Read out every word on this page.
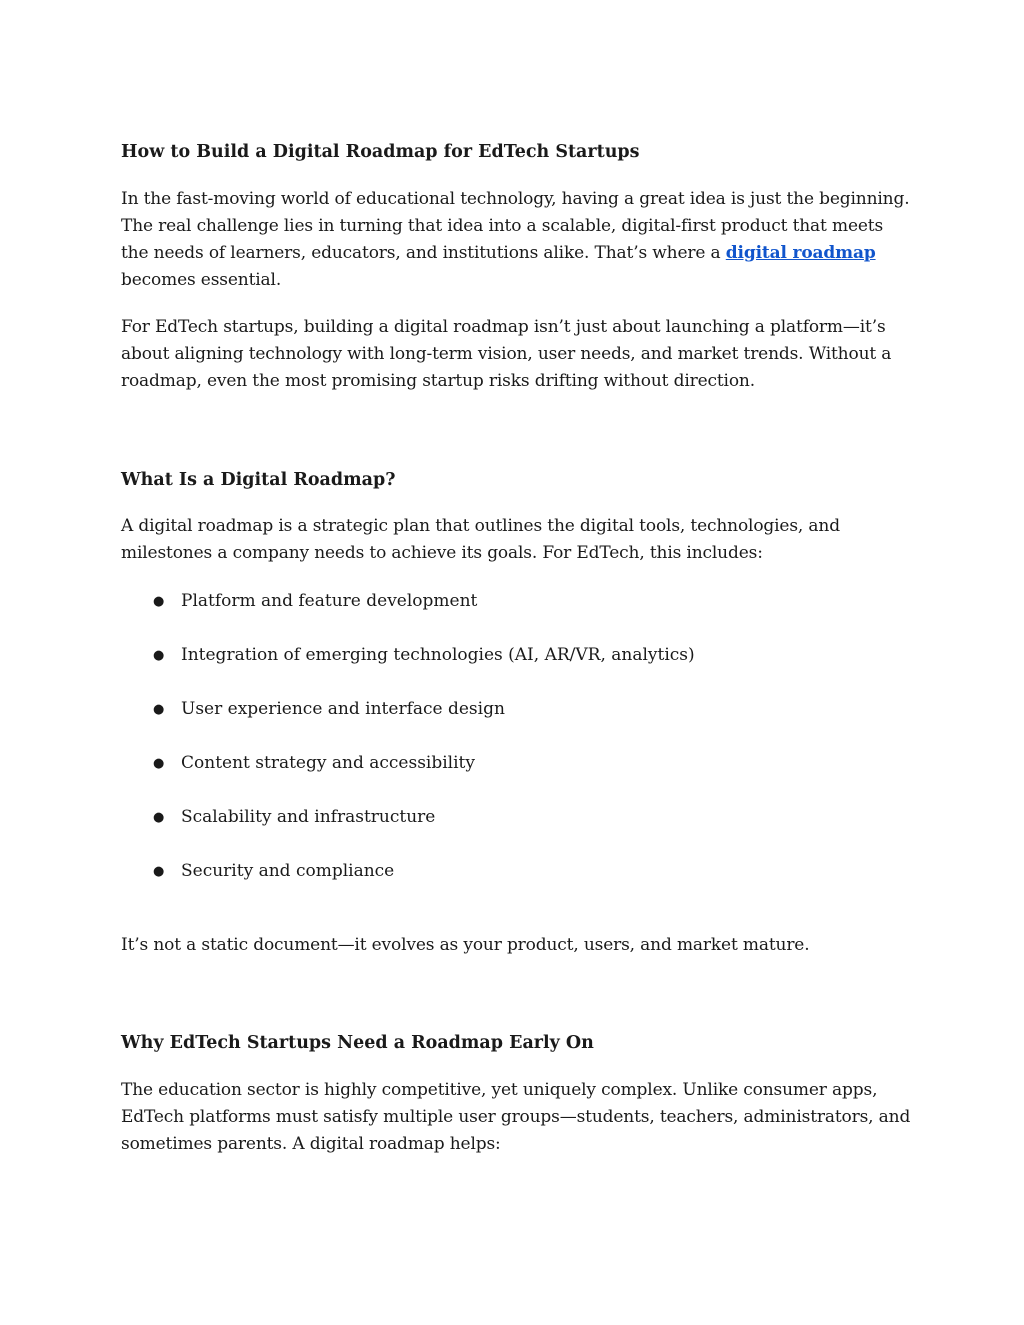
How to Build a Digital Roadmap for EdTech Startups

In the fast-moving world of educational technology, having a great idea is just the beginning. The real challenge lies in turning that idea into a scalable, digital-first product that meets the needs of learners, educators, and institutions alike. That’s where a digital roadmap becomes essential.

For EdTech startups, building a digital roadmap isn’t just about launching a platform—it’s about aligning technology with long-term vision, user needs, and market trends. Without a roadmap, even the most promising startup risks drifting without direction.

What Is a Digital Roadmap?

A digital roadmap is a strategic plan that outlines the digital tools, technologies, and milestones a company needs to achieve its goals. For EdTech, this includes:

● Platform and feature development
● Integration of emerging technologies (AI, AR/VR, analytics)
● User experience and interface design
● Content strategy and accessibility
● Scalability and infrastructure
● Security and compliance

It’s not a static document—it evolves as your product, users, and market mature.

Why EdTech Startups Need a Roadmap Early On

The education sector is highly competitive, yet uniquely complex. Unlike consumer apps, EdTech platforms must satisfy multiple user groups—students, teachers, administrators, and sometimes parents. A digital roadmap helps:
